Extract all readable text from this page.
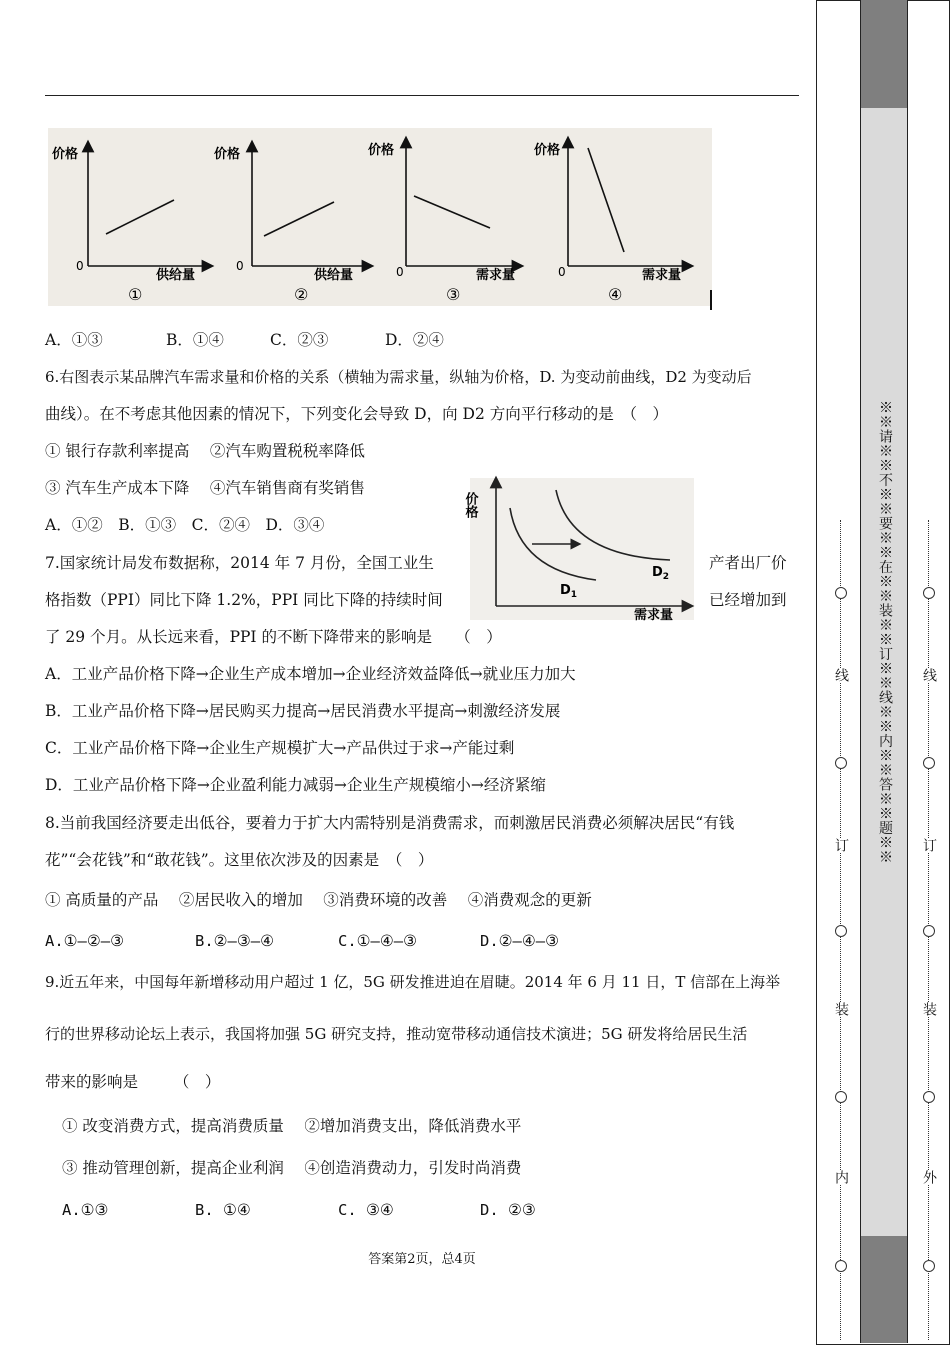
价格
0
供给量
①
价格
0
供给量
②
价格
0	需求量
③
价格
0	需求量
④
A．①③	B．①④	C．②③	D．②④
6.右图表示某品牌汽车需求量和价格的关系（横轴为需求量，纵轴为价格，D. 为变动前曲线，D2 为变动后
曲线）。在不考虑其他因素的情况下，下列变化会导致 D，向 D2 方向平行移动的是　（　）
① 银行存款利率提高　 ②汽车购置税税率降低
③ 汽车生产成本下降　 ④汽车销售商有奖销售
A．①②　B．①③　C．②④　D．③④
价格
需求量
$D_1$
$D_2$
7.国家统计局发布数据称，2014 年 7 月份，全国工业生	产者出厂价
格指数（PPI）同比下降 1.2%，PPI 同比下降的持续时间	已经增加到
了 29 个月。从长远来看，PPI 的不断下降带来的影响是　　（　）
A．工业产品价格下降→企业生产成本增加→企业经济效益降低→就业压力加大
B．工业产品价格下降→居民购买力提高→居民消费水平提高→刺激经济发展
C．工业产品价格下降→企业生产规模扩大→产品供过于求→产能过剩
D．工业产品价格下降→企业盈利能力减弱→企业生产规模缩小→经济紧缩
8.当前我国经济要走出低谷，要着力于扩大内需特别是消费需求，而刺激居民消费必须解决居民“有钱
花”“会花钱”和“敢花钱”。这里依次涉及的因素是　（　）
① 高质量的产品　 ②居民收入的增加　 ③消费环境的改善　 ④消费观念的更新
A.①—②—③	B.②—③—④	C.①—④—③	D.②—④—③
9.近五年来，中国每年新增移动用户超过 1 亿，5G 研发推进迫在眉睫。2014 年 6 月 11 日，T 信部在上海举
行的世界移动论坛上表示，我国将加强 5G 研究支持，推动宽带移动通信技术演进；5G 研发将给居民生活
带来的影响是　　 （　）
① 改变消费方式，提高消费质量　 ②增加消费支出，降低消费水平
③ 推动管理创新，提高企业利润　 ④创造消费动力，引发时尚消费
A.①③	B. ①④	C. ③④	D. ②③
答案第2页，总4页
※※请※※不※※要※※在※※装※※订※※线※※内※※答※※题※※
线
订
装
内
线
订
装
外
